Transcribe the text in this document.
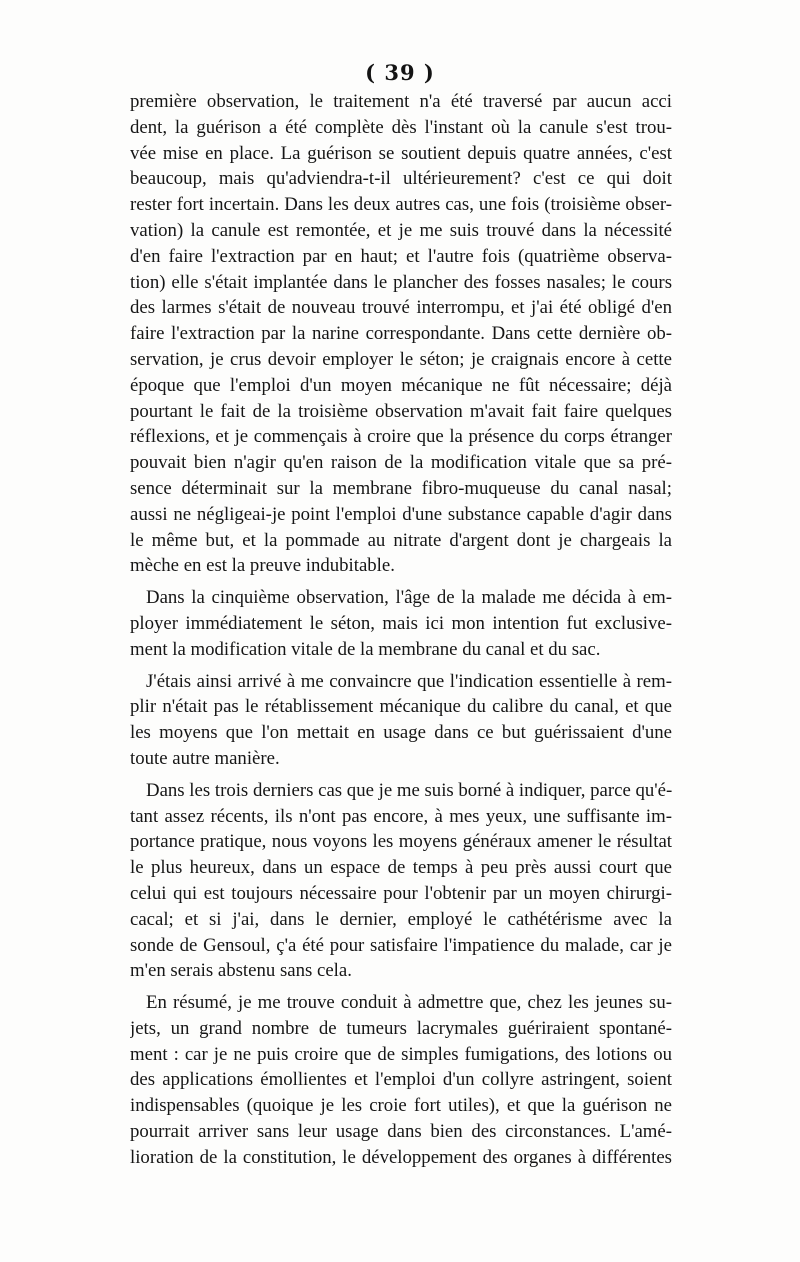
( 39 )
première observation, le traitement n'a été traversé par aucun acci
dent, la guérison a été complète dès l'instant où la canule s'est trou-
vée mise en place. La guérison se soutient depuis quatre années, c'est
beaucoup, mais qu'adviendra-t-il ultérieurement? c'est ce qui doit
rester fort incertain. Dans les deux autres cas, une fois (troisième obser-
vation) la canule est remontée, et je me suis trouvé dans la nécessité
d'en faire l'extraction par en haut; et l'autre fois (quatrième observa-
tion) elle s'était implantée dans le plancher des fosses nasales; le cours
des larmes s'était de nouveau trouvé interrompu, et j'ai été obligé d'en
faire l'extraction par la narine correspondante. Dans cette dernière ob-
servation, je crus devoir employer le séton; je craignais encore à cette
époque que l'emploi d'un moyen mécanique ne fût nécessaire; déjà
pourtant le fait de la troisième observation m'avait fait faire quelques
réflexions, et je commençais à croire que la présence du corps étranger
pouvait bien n'agir qu'en raison de la modification vitale que sa pré-
sence déterminait sur la membrane fibro-muqueuse du canal nasal;
aussi ne négligeai-je point l'emploi d'une substance capable d'agir dans
le même but, et la pommade au nitrate d'argent dont je chargeais la
mèche en est la preuve indubitable.
Dans la cinquième observation, l'âge de la malade me décida à em-
ployer immédiatement le séton, mais ici mon intention fut exclusive-
ment la modification vitale de la membrane du canal et du sac.
J'étais ainsi arrivé à me convaincre que l'indication essentielle à rem-
plir n'était pas le rétablissement mécanique du calibre du canal, et que
les moyens que l'on mettait en usage dans ce but guérissaient d'une
toute autre manière.
Dans les trois derniers cas que je me suis borné à indiquer, parce qu'é-
tant assez récents, ils n'ont pas encore, à mes yeux, une suffisante im-
portance pratique, nous voyons les moyens généraux amener le résultat
le plus heureux, dans un espace de temps à peu près aussi court que
celui qui est toujours nécessaire pour l'obtenir par un moyen chirurgi-
cacal; et si j'ai, dans le dernier, employé le cathétérisme avec la
sonde de Gensoul, ç'a été pour satisfaire l'impatience du malade, car je
m'en serais abstenu sans cela.
En résumé, je me trouve conduit à admettre que, chez les jeunes su-
jets, un grand nombre de tumeurs lacrymales guériraient spontané-
ment : car je ne puis croire que de simples fumigations, des lotions ou
des applications émollientes et l'emploi d'un collyre astringent, soient
indispensables (quoique je les croie fort utiles), et que la guérison ne
pourrait arriver sans leur usage dans bien des circonstances. L'amé-
lioration de la constitution, le développement des organes à différentes
